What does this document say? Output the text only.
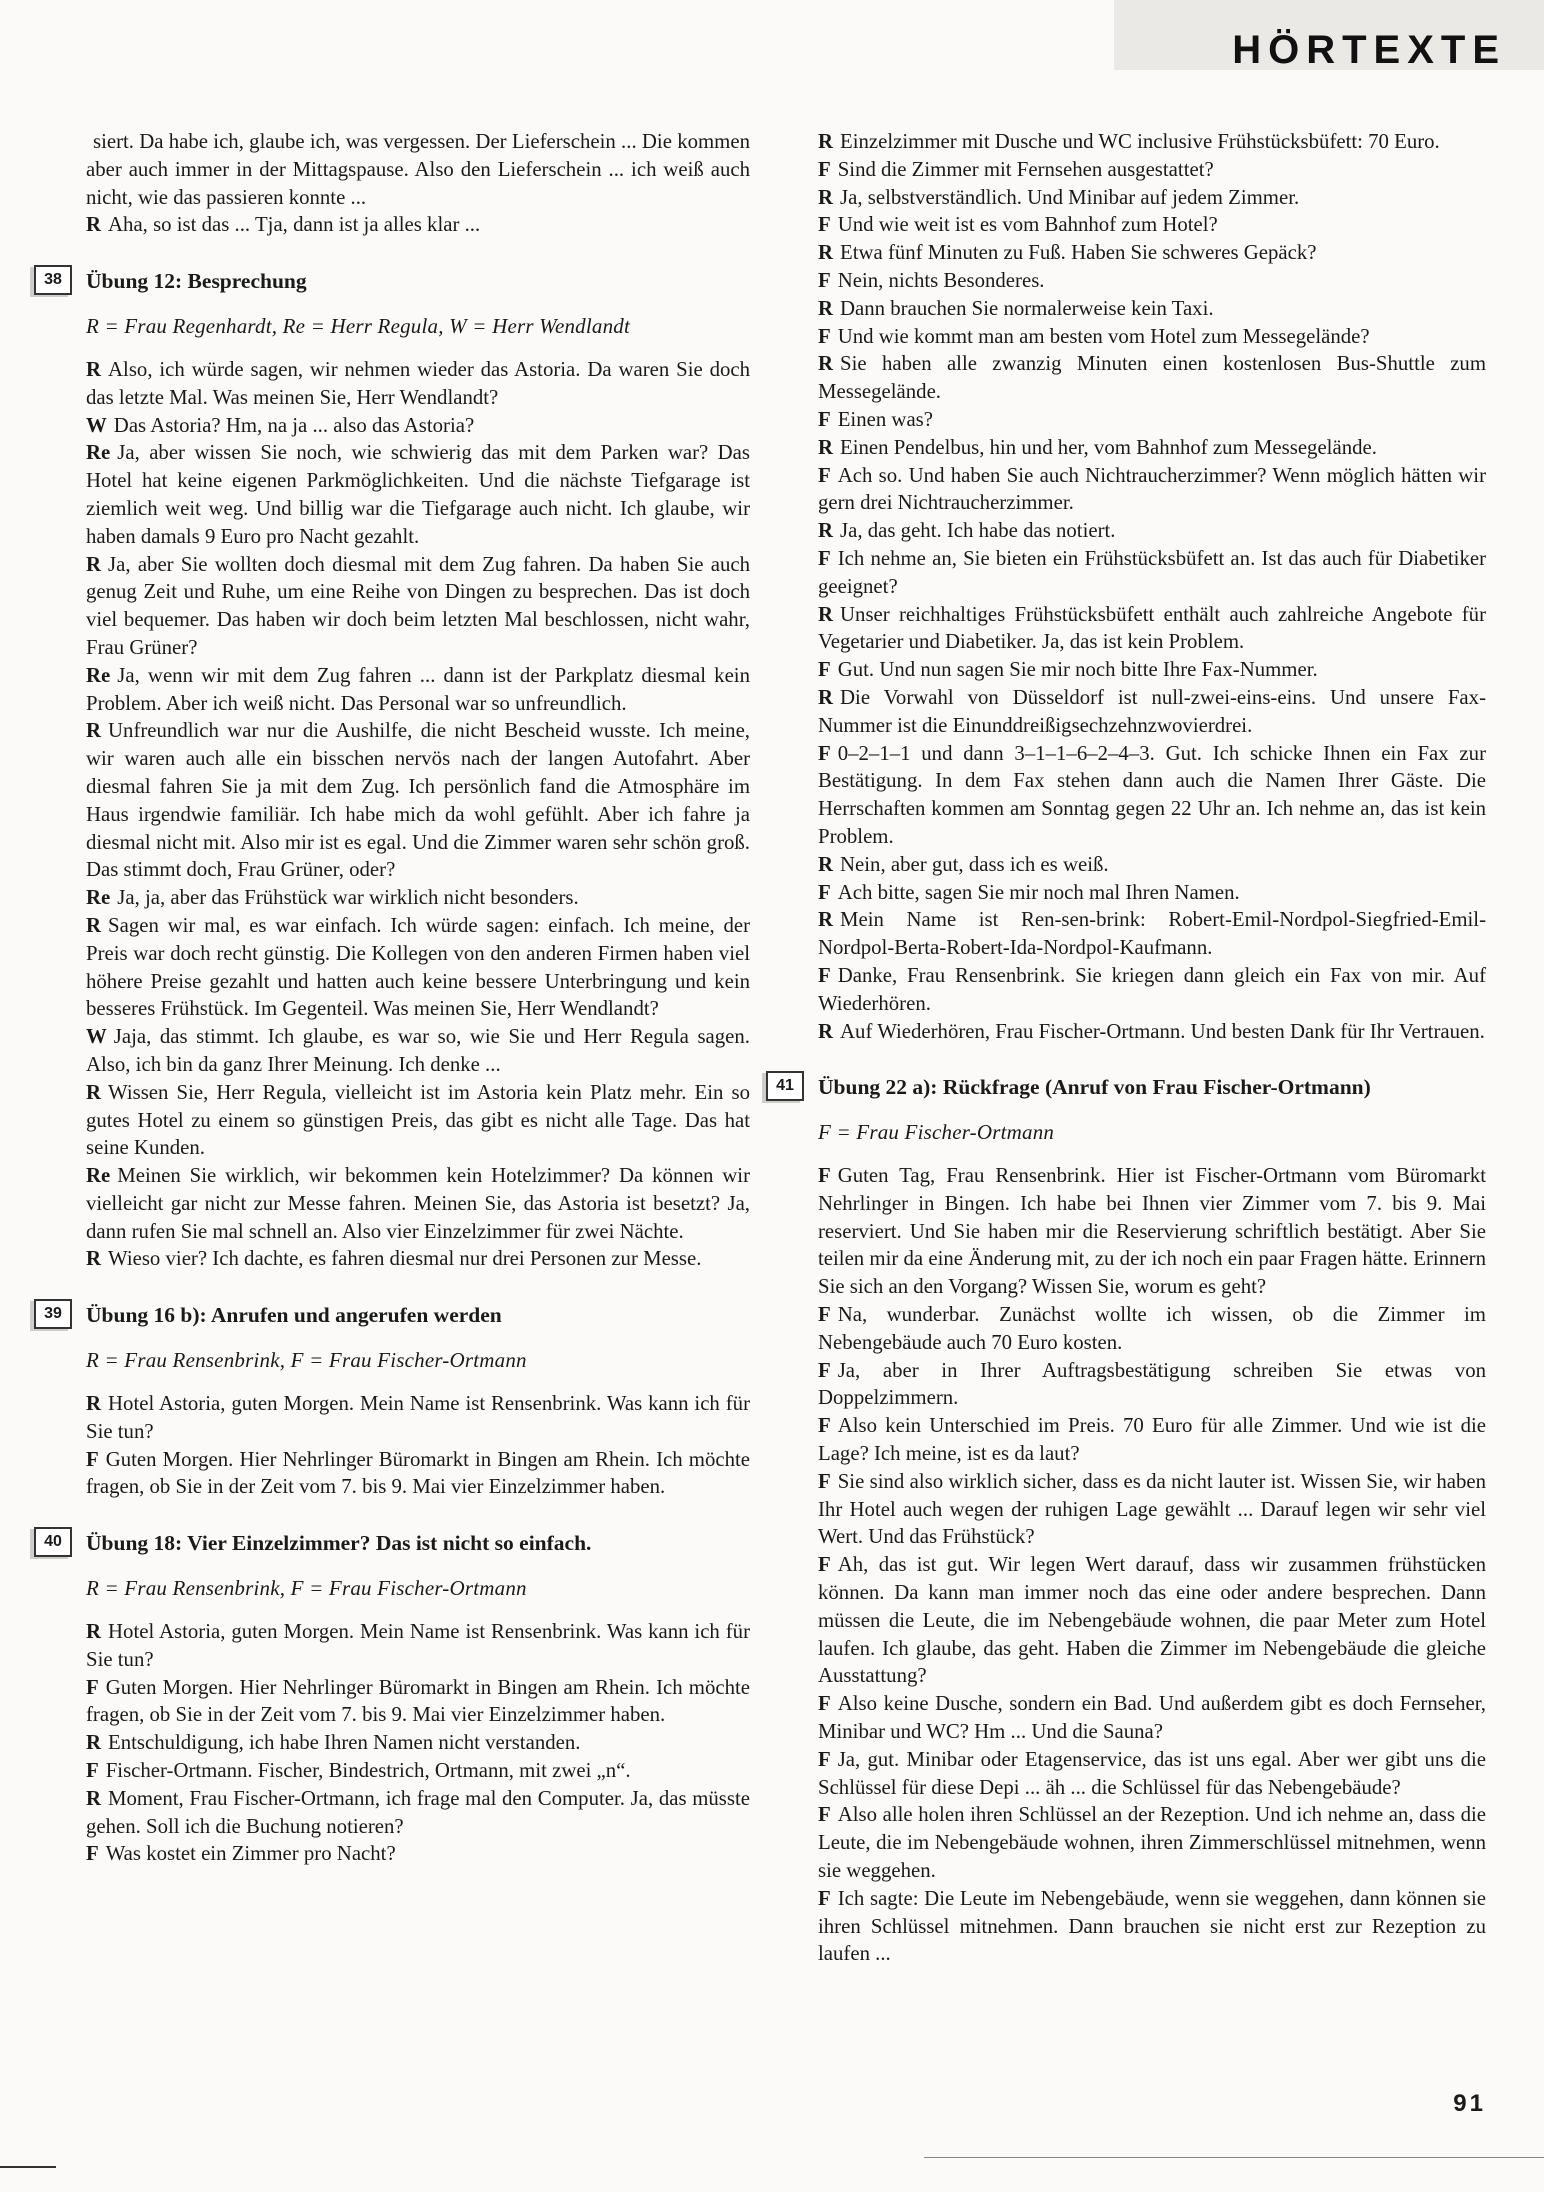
HÖRTEXTE

siert. Da habe ich, glaube ich, was vergessen. Der Lieferschein ... Die kommen aber auch immer in der Mittagspause. Also den Lieferschein ... ich weiß auch nicht, wie das passieren konnte ...

R Aha, so ist das ... Tja, dann ist ja alles klar ...

38	Übung 12: Besprechung
R = Frau Regenhardt, Re = Herr Regula, W = Herr Wendlandt

R Also, ich würde sagen, wir nehmen wieder das Astoria. Da waren Sie doch das letzte Mal. Was meinen Sie, Herr Wendlandt?

W Das Astoria? Hm, na ja ... also das Astoria?

Re Ja, aber wissen Sie noch, wie schwierig das mit dem Parken war? Das Hotel hat keine eigenen Parkmöglichkeiten. Und die nächste Tiefgarage ist ziemlich weit weg. Und billig war die Tiefgarage auch nicht. Ich glaube, wir haben damals 9 Euro pro Nacht gezahlt.

R Ja, aber Sie wollten doch diesmal mit dem Zug fahren. Da haben Sie auch genug Zeit und Ruhe, um eine Reihe von Dingen zu besprechen. Das ist doch viel bequemer. Das haben wir doch beim letzten Mal beschlossen, nicht wahr, Frau Grüner?

Re Ja, wenn wir mit dem Zug fahren ... dann ist der Parkplatz diesmal kein Problem. Aber ich weiß nicht. Das Personal war so unfreundlich.

R Unfreundlich war nur die Aushilfe, die nicht Bescheid wusste. Ich meine, wir waren auch alle ein bisschen nervös nach der langen Autofahrt. Aber diesmal fahren Sie ja mit dem Zug. Ich persönlich fand die Atmosphäre im Haus irgendwie familiär. Ich habe mich da wohl gefühlt. Aber ich fahre ja diesmal nicht mit. Also mir ist es egal. Und die Zimmer waren sehr schön groß. Das stimmt doch, Frau Grüner, oder?

Re Ja, ja, aber das Frühstück war wirklich nicht besonders.

R Sagen wir mal, es war einfach. Ich würde sagen: einfach. Ich meine, der Preis war doch recht günstig. Die Kollegen von den anderen Firmen haben viel höhere Preise gezahlt und hatten auch keine bessere Unterbringung und kein besseres Frühstück. Im Gegenteil. Was meinen Sie, Herr Wendlandt?

W Jaja, das stimmt. Ich glaube, es war so, wie Sie und Herr Regula sagen. Also, ich bin da ganz Ihrer Meinung. Ich denke ...

R Wissen Sie, Herr Regula, vielleicht ist im Astoria kein Platz mehr. Ein so gutes Hotel zu einem so günstigen Preis, das gibt es nicht alle Tage. Das hat seine Kunden.

Re Meinen Sie wirklich, wir bekommen kein Hotelzimmer? Da können wir vielleicht gar nicht zur Messe fahren. Meinen Sie, das Astoria ist besetzt? Ja, dann rufen Sie mal schnell an. Also vier Einzelzimmer für zwei Nächte.

R Wieso vier? Ich dachte, es fahren diesmal nur drei Personen zur Messe.

39	Übung 16 b): Anrufen und angerufen werden
R = Frau Rensenbrink, F = Frau Fischer-Ortmann

R Hotel Astoria, guten Morgen. Mein Name ist Rensenbrink. Was kann ich für Sie tun?

F Guten Morgen. Hier Nehrlinger Büromarkt in Bingen am Rhein. Ich möchte fragen, ob Sie in der Zeit vom 7. bis 9. Mai vier Einzelzimmer haben.

40	Übung 18: Vier Einzelzimmer? Das ist nicht so einfach.
R = Frau Rensenbrink, F = Frau Fischer-Ortmann

R Hotel Astoria, guten Morgen. Mein Name ist Rensenbrink. Was kann ich für Sie tun?

F Guten Morgen. Hier Nehrlinger Büromarkt in Bingen am Rhein. Ich möchte fragen, ob Sie in der Zeit vom 7. bis 9. Mai vier Einzelzimmer haben.

R Entschuldigung, ich habe Ihren Namen nicht verstanden.

F Fischer-Ortmann. Fischer, Bindestrich, Ortmann, mit zwei „n“.

R Moment, Frau Fischer-Ortmann, ich frage mal den Computer. Ja, das müsste gehen. Soll ich die Buchung notieren?

F Was kostet ein Zimmer pro Nacht?

R Einzelzimmer mit Dusche und WC inclusive Frühstücksbüfett: 70 Euro.

F Sind die Zimmer mit Fernsehen ausgestattet?

R Ja, selbstverständlich. Und Minibar auf jedem Zimmer.

F Und wie weit ist es vom Bahnhof zum Hotel?

R Etwa fünf Minuten zu Fuß. Haben Sie schweres Gepäck?

F Nein, nichts Besonderes.

R Dann brauchen Sie normalerweise kein Taxi.

F Und wie kommt man am besten vom Hotel zum Messegelände?

R Sie haben alle zwanzig Minuten einen kostenlosen Bus-Shuttle zum Messegelände.

F Einen was?

R Einen Pendelbus, hin und her, vom Bahnhof zum Messegelände.

F Ach so. Und haben Sie auch Nichtraucherzimmer? Wenn möglich hätten wir gern drei Nichtraucherzimmer.

R Ja, das geht. Ich habe das notiert.

F Ich nehme an, Sie bieten ein Frühstücksbüfett an. Ist das auch für Diabetiker geeignet?

R Unser reichhaltiges Frühstücksbüfett enthält auch zahlreiche Angebote für Vegetarier und Diabetiker. Ja, das ist kein Problem.

F Gut. Und nun sagen Sie mir noch bitte Ihre Fax-Nummer.

R Die Vorwahl von Düsseldorf ist null-zwei-eins-eins. Und unsere Fax-Nummer ist die Einunddreißigsechzehnzwovierdrei.

F 0–2–1–1 und dann 3–1–1–6–2–4–3. Gut. Ich schicke Ihnen ein Fax zur Bestätigung. In dem Fax stehen dann auch die Namen Ihrer Gäste. Die Herrschaften kommen am Sonntag gegen 22 Uhr an. Ich nehme an, das ist kein Problem.

R Nein, aber gut, dass ich es weiß.

F Ach bitte, sagen Sie mir noch mal Ihren Namen.

R Mein Name ist Ren-sen-brink: Robert-Emil-Nordpol-Siegfried-Emil-Nordpol-Berta-Robert-Ida-Nordpol-Kaufmann.

F Danke, Frau Rensenbrink. Sie kriegen dann gleich ein Fax von mir. Auf Wiederhören.

R Auf Wiederhören, Frau Fischer-Ortmann. Und besten Dank für Ihr Vertrauen.

41	Übung 22 a): Rückfrage (Anruf von Frau Fischer-Ortmann)
F = Frau Fischer-Ortmann

F Guten Tag, Frau Rensenbrink. Hier ist Fischer-Ortmann vom Büromarkt Nehrlinger in Bingen. Ich habe bei Ihnen vier Zimmer vom 7. bis 9. Mai reserviert. Und Sie haben mir die Reservierung schriftlich bestätigt. Aber Sie teilen mir da eine Änderung mit, zu der ich noch ein paar Fragen hätte. Erinnern Sie sich an den Vorgang? Wissen Sie, worum es geht?

F Na, wunderbar. Zunächst wollte ich wissen, ob die Zimmer im Nebengebäude auch 70 Euro kosten.

F Ja, aber in Ihrer Auftragsbestätigung schreiben Sie etwas von Doppelzimmern.

F Also kein Unterschied im Preis. 70 Euro für alle Zimmer. Und wie ist die Lage? Ich meine, ist es da laut?

F Sie sind also wirklich sicher, dass es da nicht lauter ist. Wissen Sie, wir haben Ihr Hotel auch wegen der ruhigen Lage gewählt ... Darauf legen wir sehr viel Wert. Und das Frühstück?

F Ah, das ist gut. Wir legen Wert darauf, dass wir zusammen frühstücken können. Da kann man immer noch das eine oder andere besprechen. Dann müssen die Leute, die im Nebengebäude wohnen, die paar Meter zum Hotel laufen. Ich glaube, das geht. Haben die Zimmer im Nebengebäude die gleiche Ausstattung?

F Also keine Dusche, sondern ein Bad. Und außerdem gibt es doch Fernseher, Minibar und WC? Hm ... Und die Sauna?

F Ja, gut. Minibar oder Etagenservice, das ist uns egal. Aber wer gibt uns die Schlüssel für diese Depi ... äh ... die Schlüssel für das Nebengebäude?

F Also alle holen ihren Schlüssel an der Rezeption. Und ich nehme an, dass die Leute, die im Nebengebäude wohnen, ihren Zimmerschlüssel mitnehmen, wenn sie weggehen.

F Ich sagte: Die Leute im Nebengebäude, wenn sie weggehen, dann können sie ihren Schlüssel mitnehmen. Dann brauchen sie nicht erst zur Rezeption zu laufen ...

91
